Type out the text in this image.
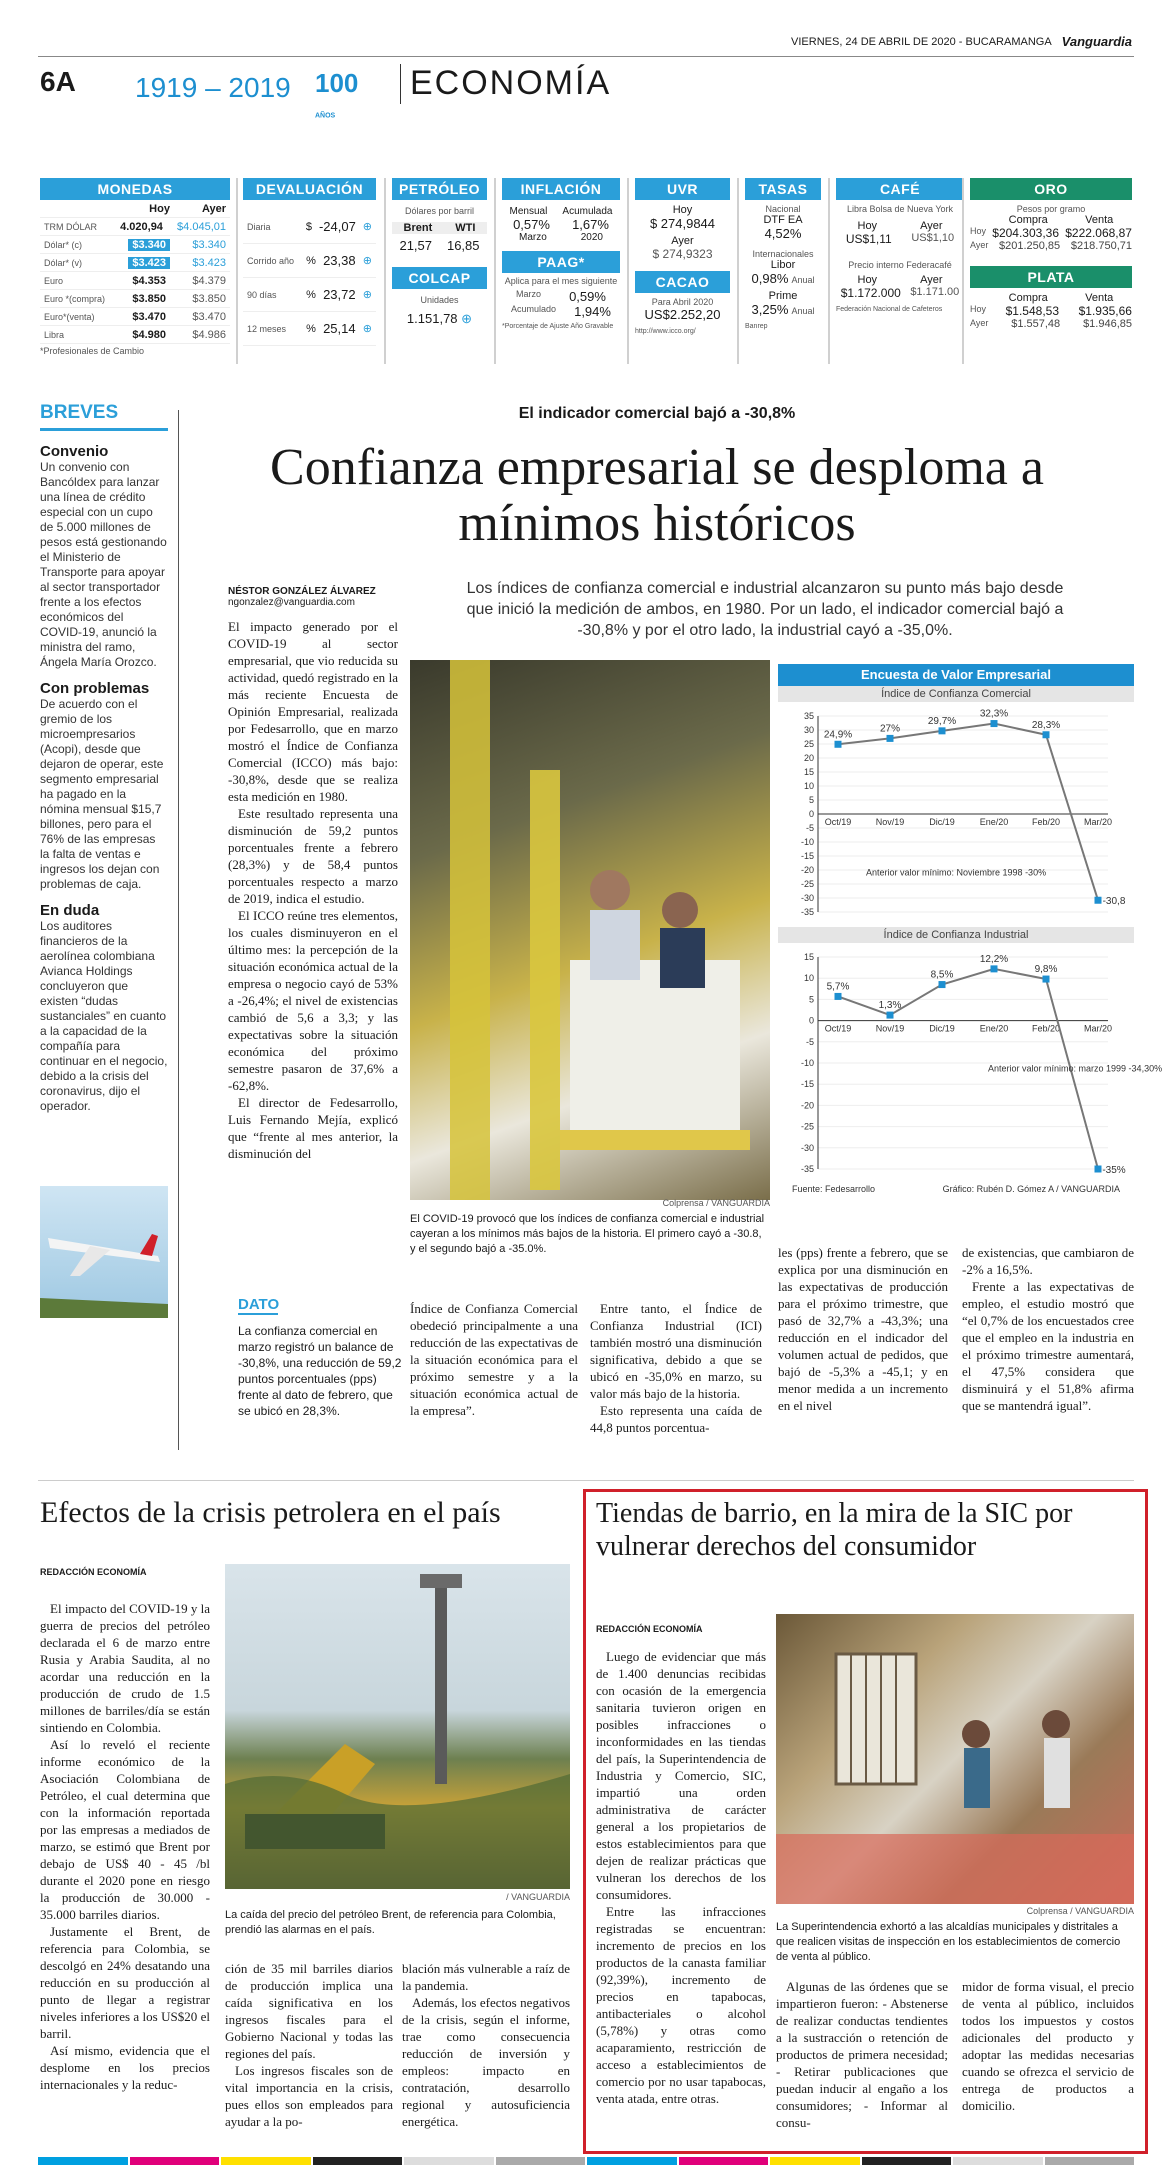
VIERNES, 24 DE ABRIL DE 2020 - BUCARAMANGA Vanguardia
6A 1919 – 2019 100 AÑOS
ECONOMÍA
MONEDAS
Hoy	Ayer
TRM DÓLAR	4.020,94 $4.045,01
Dólar* (c)	$3.340	$3.340
Dólar* (v)	$3.423	$3.423
Euro	$4.353 $4.379
Euro *(compra) $3.850 $3.850
Euro*(venta)	$3.470 $3.470
Libra	$4.980 $4.986
*Profesionales de Cambio
DEVALUACIÓN
Diaria	$ -24,07 ⊕
Corrido año	% 23,38 ⊕
90 días	% 23,72 ⊕
12 meses	% 25,14 ⊕
PETRÓLEO
Dólares por barril
Brent WTI
21,57 16,85
COLCAP
Unidades
1.151,78 ⊕
INFLACIÓN
Mensual Acumulada
0,57% 1,67%
Marzo	2020
PAAG*
Aplica para el mes siguiente
Marzo 0,59%
Acumulado 1,94%
*Porcentaje de Ajuste Año Gravable
UVR
Hoy
$ 274,9844
Ayer
$ 274,9323
CACAO
Para Abril 2020
US$2.252,20
http://www.icco.org/
TASAS
Nacional
DTF EA
4,52%
Internacionales
Libor
0,98% Anual
Prime
3,25% Anual
Banrep
CAFÉ
Libra Bolsa de Nueva York
Hoy	Ayer
US$1,11 US$1,10
Precio interno Federacafé
Hoy	Ayer
$1.172.000 $1.171.00
Federación Nacional de Cafeteros
ORO
Pesos por gramo
Compra	Venta
Hoy $204.303,36 $222.068,87
Ayer $201.250,85 $218.750,71
PLATA
Compra	Venta
Hoy $1.548,53 $1.935,66
Ayer $1.557,48 $1.946,85
BREVES
Convenio

Un convenio con Bancóldex para lanzar una línea de crédito especial con un cupo de 5.000 millones de pesos está gestionando el Ministerio de Transporte para apoyar al sector transportador frente a los efectos económicos del COVID-19, anunció la ministra del ramo, Ángela María Orozco.

Con problemas

De acuerdo con el gremio de los microempresarios (Acopi), desde que dejaron de operar, este segmento empresarial ha pagado en la nómina mensual $15,7 billones, pero para el 76% de las empresas la falta de ventas e ingresos los dejan con problemas de caja.

En duda

Los auditores financieros de la aerolínea colombiana Avianca Holdings concluyeron que existen “dudas sustanciales” en cuanto a la capacidad de la compañía para continuar en el negocio, debido a la crisis del coronavirus, dijo el operador.

El indicador comercial bajó a -30,8%
Confianza empresarial se desploma a mínimos históricos
NÉSTOR GONZÁLEZ ÁLVAREZ
ngonzalez@vanguardia.com
Los índices de confianza comercial e industrial alcanzaron su punto más bajo desde que inició la medición de ambos, en 1980. Por un lado, el indicador comercial bajó a -30,8% y por el otro lado, la industrial cayó a -35,0%.

El impacto generado por el COVID-19 al sector empresarial, que vio reducida su actividad, quedó registrado en la más reciente Encuesta de Opinión Empresarial, realizada por Fedesarrollo, que en marzo mostró el Índice de Confianza Comercial (ICCO) más bajo: -30,8%, desde que se realiza esta medición en 1980.

Este resultado representa una disminución de 59,2 puntos porcentuales frente a febrero (28,3%) y de 58,4 puntos porcentuales respecto a marzo de 2019, indica el estudio.

El ICCO reúne tres elementos, los cuales disminuyeron en el último mes: la percepción de la situación económica actual de la empresa o negocio cayó de 53% a -26,4%; el nivel de existencias cambió de 5,6 a 3,3; y las expectativas sobre la situación económica del próximo semestre pasaron de 37,6% a -62,8%.

El director de Fedesarrollo, Luis Fernando Mejía, explicó que “frente al mes anterior, la disminución del

Colprensa / VANGUARDIA
El COVID-19 provocó que los índices de confianza comercial e industrial cayeran a los mínimos más bajos de la historia. El primero cayó a -30.8, y el segundo bajó a -35.0%.
Encuesta de Valor Empresarial
Índice de Confianza Comercial
35
30
25
20
15
10
5
0
-5
-10
-15
-20
-25
-30
-35
Oct/19	Nov/19	Dic/19	Ene/20	Feb/20	Mar/20
24,9%
27%
29,7%
32,3%
28,3%
-30,8
Anterior valor mínimo: Noviembre 1998 -30%
Índice de Confianza Industrial
15
10
5
0
-5
-10
-15
-20
-25
-30
-35
Oct/19	Nov/19	Dic/19	Ene/20	Feb/20	Mar/20
5,7%
1,3%
8,5%
12,2%
9,8%
-35%
Anterior valor mínimo: marzo 1999 -34,30%
Fuente: Fedesarrollo	Gráfico: Rubén D. Gómez A / VANGUARDIA

Índice de Confianza Comercial obedeció principalmente a una reducción de las expectativas de la situación económica para el próximo semestre y a la situación económica actual de la empresa”.

Entre tanto, el Índice de Confianza Industrial (ICI) también mostró una disminución significativa, debido a que se ubicó en -35,0% en marzo, su valor más bajo de la historia.

Esto representa una caída de 44,8 puntos porcentua-

les (pps) frente a febrero, que se explica por una disminución en las expectativas de producción para el próximo trimestre, que pasó de 32,7% a -43,3%; una reducción en el indicador del volumen actual de pedidos, que bajó de -5,3% a -45,1; y en menor medida a un incremento en el nivel

de existencias, que cambiaron de -2% a 16,5%.

Frente a las expectativas de empleo, el estudio mostró que “el 0,7% de los encuestados cree que el empleo en la industria en el próximo trimestre aumentará, el 47,5% considera que disminuirá y el 51,8% afirma que se mantendrá igual”.

DATO

La confianza comercial en marzo registró un balance de -30,8%, una reducción de 59,2 puntos porcentuales (pps) frente al dato de febrero, que se ubicó en 28,3%.

Efectos de la crisis petrolera en el país
REDACCIÓN ECONOMÍA

El impacto del COVID-19 y la guerra de precios del petróleo declarada el 6 de marzo entre Rusia y Arabia Saudita, al no acordar una reducción en la producción de crudo de 1.5 millones de barriles/día se están sintiendo en Colombia.

Así lo reveló el reciente informe económico de la Asociación Colombiana de Petróleo, el cual determina que con la información reportada por las empresas a mediados de marzo, se estimó que Brent por debajo de US$ 40 - 45 /bl durante el 2020 pone en riesgo la producción de 30.000 - 35.000 barriles diarios.

Justamente el Brent, de referencia para Colombia, se descolgó en 24% desatando una reducción en su producción al punto de llegar a registrar niveles inferiores a los US$20 el barril.

Así mismo, evidencia que el desplome en los precios internacionales y la reduc-

/ VANGUARDIA
La caída del precio del petróleo Brent, de referencia para Colombia, prendió las alarmas en el país.

ción de 35 mil barriles diarios de producción implica una caída significativa en los ingresos fiscales para el Gobierno Nacional y todas las regiones del país.

Los ingresos fiscales son de vital importancia en la crisis, pues ellos son empleados para ayudar a la po-

blación más vulnerable a raíz de la pandemia.

Además, los efectos negativos de la crisis, según el informe, trae como consecuencia reducción de inversión y empleos: impacto en contratación, desarrollo regional y autosuficiencia energética.

Tiendas de barrio, en la mira de la SIC por vulnerar derechos del consumidor
REDACCIÓN ECONOMÍA

Luego de evidenciar que más de 1.400 denuncias recibidas con ocasión de la emergencia sanitaria tuvieron origen en posibles infracciones o inconformidades en las tiendas del país, la Superintendencia de Industria y Comercio, SIC, impartió una orden administrativa de carácter general a los propietarios de estos establecimientos para que dejen de realizar prácticas que vulneran los derechos de los consumidores.

Entre las infracciones registradas se encuentran: incremento de precios en los productos de la canasta familiar (92,39%), incremento de precios en tapabocas, antibacteriales o alcohol (5,78%) y otras como acaparamiento, restricción de acceso a establecimientos de comercio por no usar tapabocas, venta atada, entre otras.

Colprensa / VANGUARDIA
La Superintendencia exhortó a las alcaldías municipales y distritales a que realicen visitas de inspección en los establecimientos de comercio de venta al público.

Algunas de las órdenes que se impartieron fueron: - Abstenerse de realizar conductas tendientes a la sustracción o retención de productos de primera necesidad; - Retirar publicaciones que puedan inducir al engaño a los consumidores; - Informar al consu-

midor de forma visual, el precio de venta al público, incluidos todos los impuestos y costos adicionales del producto y adoptar las medidas necesarias cuando se ofrezca el servicio de entrega de productos a domicilio.
